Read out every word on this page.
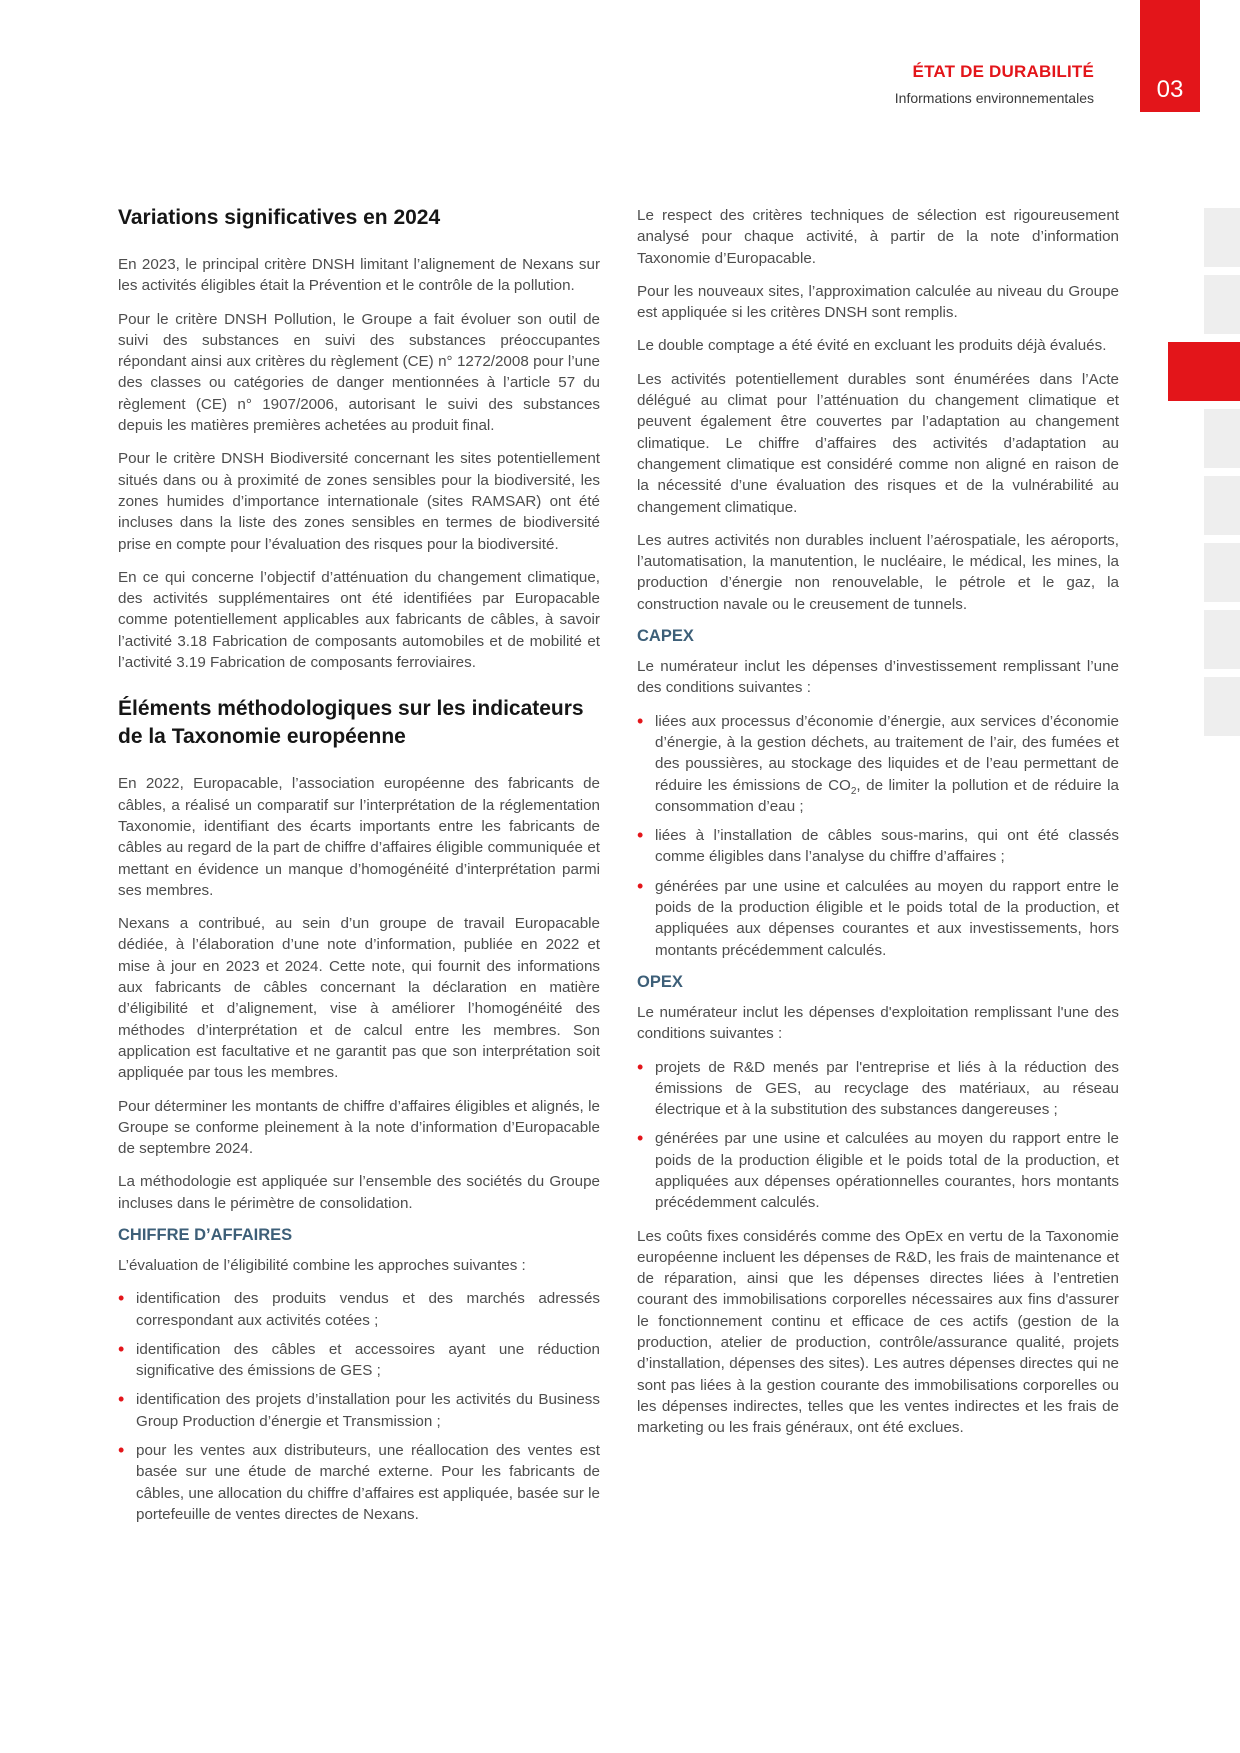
ÉTAT DE DURABILITÉ
Informations environnementales	03
Variations significatives en 2024

En 2023, le principal critère DNSH limitant l’alignement de Nexans sur les activités éligibles était la Prévention et le contrôle de la pollution.

Pour le critère DNSH Pollution, le Groupe a fait évoluer son outil de suivi des substances en suivi des substances préoccupantes répondant ainsi aux critères du règlement (CE) n° 1272/2008 pour l’une des classes ou catégories de danger mentionnées à l’article 57 du règlement (CE) n° 1907/2006, autorisant le suivi des substances depuis les matières premières achetées au produit final.

Pour le critère DNSH Biodiversité concernant les sites potentiellement situés dans ou à proximité de zones sensibles pour la biodiversité, les zones humides d’importance internationale (sites RAMSAR) ont été incluses dans la liste des zones sensibles en termes de biodiversité prise en compte pour l’évaluation des risques pour la biodiversité.

En ce qui concerne l’objectif d’atténuation du changement climatique, des activités supplémentaires ont été identifiées par Europacable comme potentiellement applicables aux fabricants de câbles, à savoir l’activité 3.18 Fabrication de composants automobiles et de mobilité et l’activité 3.19 Fabrication de composants ferroviaires.

Éléments méthodologiques sur les indicateurs de la Taxonomie européenne

En 2022, Europacable, l’association européenne des fabricants de câbles, a réalisé un comparatif sur l’interprétation de la réglementation Taxonomie, identifiant des écarts importants entre les fabricants de câbles au regard de la part de chiffre d’affaires éligible communiquée et mettant en évidence un manque d’homogénéité d’interprétation parmi ses membres.

Nexans a contribué, au sein d’un groupe de travail Europacable dédiée, à l’élaboration d’une note d’information, publiée en 2022 et mise à jour en 2023 et 2024. Cette note, qui fournit des informations aux fabricants de câbles concernant la déclaration en matière d’éligibilité et d’alignement, vise à améliorer l’homogénéité des méthodes d’interprétation et de calcul entre les membres. Son application est facultative et ne garantit pas que son interprétation soit appliquée par tous les membres.

Pour déterminer les montants de chiffre d’affaires éligibles et alignés, le Groupe se conforme pleinement à la note d’information d’Europacable de septembre 2024.

La méthodologie est appliquée sur l’ensemble des sociétés du Groupe incluses dans le périmètre de consolidation.

CHIFFRE D’AFFAIRES

L’évaluation de l’éligibilité combine les approches suivantes :

• identification des produits vendus et des marchés adressés correspondant aux activités cotées ;
• identification des câbles et accessoires ayant une réduction significative des émissions de GES ;
• identification des projets d’installation pour les activités du Business Group Production d’énergie et Transmission ;
• pour les ventes aux distributeurs, une réallocation des ventes est basée sur une étude de marché externe. Pour les fabricants de câbles, une allocation du chiffre d’affaires est appliquée, basée sur le portefeuille de ventes directes de Nexans.

Le respect des critères techniques de sélection est rigoureusement analysé pour chaque activité, à partir de la note d’information Taxonomie d’Europacable.

Pour les nouveaux sites, l’approximation calculée au niveau du Groupe est appliquée si les critères DNSH sont remplis.

Le double comptage a été évité en excluant les produits déjà évalués.

Les activités potentiellement durables sont énumérées dans l’Acte délégué au climat pour l’atténuation du changement climatique et peuvent également être couvertes par l’adaptation au changement climatique. Le chiffre d’affaires des activités d’adaptation au changement climatique est considéré comme non aligné en raison de la nécessité d’une évaluation des risques et de la vulnérabilité au changement climatique.

Les autres activités non durables incluent l’aérospatiale, les aéroports, l’automatisation, la manutention, le nucléaire, le médical, les mines, la production d’énergie non renouvelable, le pétrole et le gaz, la construction navale ou le creusement de tunnels.

CAPEX

Le numérateur inclut les dépenses d’investissement remplissant l’une des conditions suivantes :

• liées aux processus d’économie d’énergie, aux services d’économie d’énergie, à la gestion déchets, au traitement de l’air, des fumées et des poussières, au stockage des liquides et de l’eau permettant de réduire les émissions de $CO_2$, de limiter la pollution et de réduire la consommation d’eau ;
• liées à l’installation de câbles sous-marins, qui ont été classés comme éligibles dans l’analyse du chiffre d’affaires ;
• générées par une usine et calculées au moyen du rapport entre le poids de la production éligible et le poids total de la production, et appliquées aux dépenses courantes et aux investissements, hors montants précédemment calculés.
OPEX

Le numérateur inclut les dépenses d'exploitation remplissant l'une des conditions suivantes :

• projets de R&D menés par l'entreprise et liés à la réduction des émissions de GES, au recyclage des matériaux, au réseau électrique et à la substitution des substances dangereuses ;
• générées par une usine et calculées au moyen du rapport entre le poids de la production éligible et le poids total de la production, et appliquées aux dépenses opérationnelles courantes, hors montants précédemment calculés.

Les coûts fixes considérés comme des OpEx en vertu de la Taxonomie européenne incluent les dépenses de R&D, les frais de maintenance et de réparation, ainsi que les dépenses directes liées à l’entretien courant des immobilisations corporelles nécessaires aux fins d'assurer le fonctionnement continu et efficace de ces actifs (gestion de la production, atelier de production, contrôle/assurance qualité, projets d’installation, dépenses des sites). Les autres dépenses directes qui ne sont pas liées à la gestion courante des immobilisations corporelles ou les dépenses indirectes, telles que les ventes indirectes et les frais de marketing ou les frais généraux, ont été exclues.
